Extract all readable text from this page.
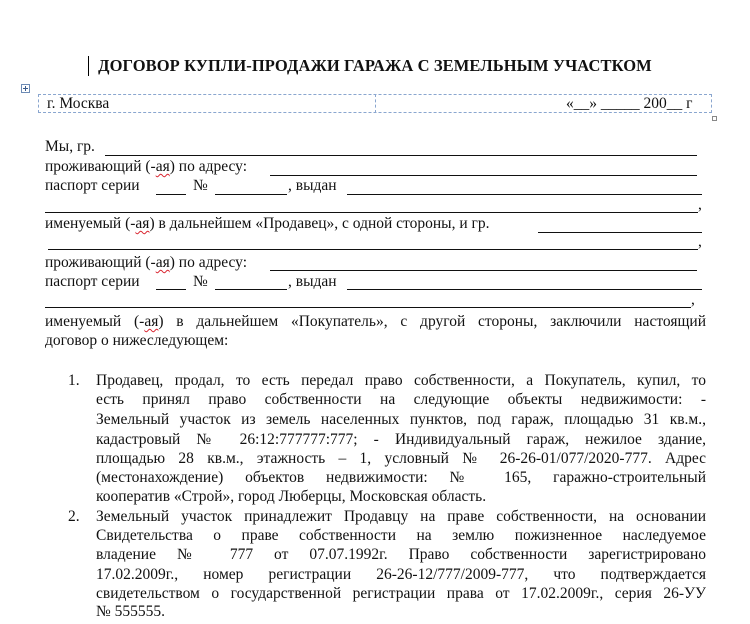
ДОГОВОР КУПЛИ-ПРОДАЖИ ГАРАЖА С ЗЕМЕЛЬНЫМ УЧАСТКОМ
г. Москва	«__» _____ 200__ г
Мы, гр.
проживающий (-ая) по адресу:
паспорт серии	№	, выдан
,
именуемый (-ая) в дальнейшем «Продавец», с одной стороны, и гр.
,
проживающий (-ая) по адресу:
паспорт серии	№	, выдан
,
именуемый (-ая) в дальнейшем «Покупатель», с другой стороны, заключили настоящий
договор о нижеследующем:
1. Продавец, продал, то есть передал право собственности, а Покупатель, купил, то
есть принял право собственности на следующие объекты недвижимости: -
Земельный участок из земель населенных пунктов, под гараж, площадью 31 кв.м.,
кадастровый № 26:12:777777:777; - Индивидуальный гараж, нежилое здание,
площадью 28 кв.м., этажность – 1, условный № 26-26-01/077/2020-777. Адрес
(местонахождение) объектов недвижимости: № 165, гаражно-строительный
кооператив «Строй», город Люберцы, Московская область.
2. Земельный участок принадлежит Продавцу на праве собственности, на основании
Свидетельства о праве собственности на землю пожизненное наследуемое
владение № 777 от 07.07.1992г. Право собственности зарегистрировано
17.02.2009г., номер регистрации 26-26-12/777/2009-777, что подтверждается
свидетельством о государственной регистрации права от 17.02.2009г., серия 26-УУ
№ 555555.
